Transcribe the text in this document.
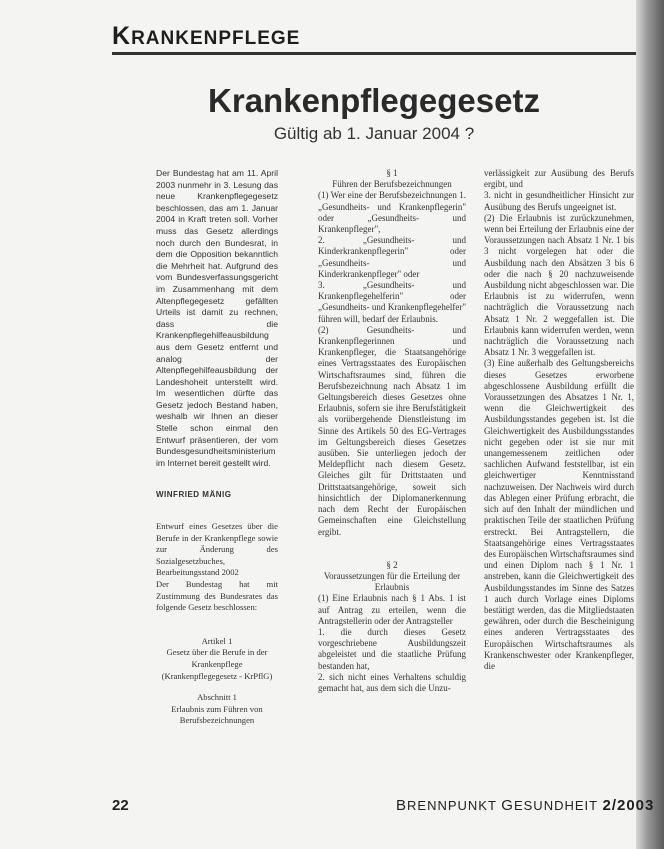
KRANKENPFLEGE
Krankenpflegegesetz
Gültig ab 1. Januar 2004 ?

Der Bundestag hat am 11. April 2003 nunmehr in 3. Lesung das neue Krankenpflegegesetz beschlossen, das am 1. Januar 2004 in Kraft treten soll. Vorher muss das Gesetz allerdings noch durch den Bundesrat, in dem die Opposition bekanntlich die Mehrheit hat. Aufgrund des vom Bundesverfassungsgericht im Zusammenhang mit dem Altenpflegegesetz gefällten Urteils ist damit zu rechnen, dass die Krankenpflegehilfeausbildung aus dem Gesetz entfernt und analog der Altenpflegehilfeausbildung der Landeshoheit unterstellt wird. Im wesentlichen dürfte das Gesetz jedoch Bestand haben, weshalb wir Ihnen an dieser Stelle schon einmal den Entwurf präsentieren, der vom Bundesgesundheitsministerium im Internet bereit gestellt wird.

WINFRIED MÄNIG

Entwurf eines Gesetzes über die Berufe in der Krankenpflege sowie zur Änderung des Sozialgesetzbuches, Bearbeitungsstand 2002

Der Bundestag hat mit Zustimmung des Bundesrates das folgende Gesetz beschlossen:

Artikel 1

Gesetz über die Berufe in der Krankenpflege (Krankenpflegegesetz - KrPflG)

Abschnitt 1

Erlaubnis zum Führen von Berufsbezeichnungen

§ 1

Führen der Berufsbezeichnungen

(1) Wer eine der Berufsbezeichnungen 1. „Gesundheits- und Krankenpflegerin" oder „Gesundheits- und Krankenpfleger",

2. „Gesundheits- und Kinderkrankenpflegerin" oder „Gesundheits- und Kinderkrankenpfleger" oder

3. „Gesundheits- und Krankenpflegehelferin" oder „Gesundheits- und Krankenpflegehelfer" führen will, bedarf der Erlaubnis.

(2) Gesundheits- und Krankenpflegerinnen und Krankenpfleger, die Staatsangehörige eines Vertragsstaates des Europäischen Wirtschaftsraumes sind, führen die Berufsbezeichnung nach Absatz 1 im Geltungsbereich dieses Gesetzes ohne Erlaubnis, sofern sie ihre Berufstätigkeit als vorübergehende Dienstleistung im Sinne des Artikels 50 des EG-Vertrages im Geltungsbereich dieses Gesetzes ausüben. Sie unterliegen jedoch der Meldepflicht nach diesem Gesetz. Gleiches gilt für Drittstaaten und Drittstaatsangehörige, soweit sich hinsichtlich der Diplomanerkennung nach dem Recht der Europäischen Gemeinschaften eine Gleichstellung ergibt.

§ 2

Voraussetzungen für die Erteilung der Erlaubnis

(1) Eine Erlaubnis nach § 1 Abs. 1 ist auf Antrag zu erteilen, wenn die Antragstellerin oder der Antragsteller

1. die durch dieses Gesetz vorgeschriebene Ausbildungszeit abgeleistet und die staatliche Prüfung bestanden hat,

2. sich nicht eines Verhaltens schuldig gemacht hat, aus dem sich die Unzu-

verlässigkeit zur Ausübung des Berufs ergibt, und

3. nicht in gesundheitlicher Hinsicht zur Ausübung des Berufs ungeeignet ist.

(2) Die Erlaubnis ist zurückzunehmen, wenn bei Erteilung der Erlaubnis eine der Voraussetzungen nach Absatz 1 Nr. 1 bis 3 nicht vorgelegen hat oder die Ausbildung nach den Absätzen 3 bis 6 oder die nach § 20 nachzuweisende Ausbildung nicht abgeschlossen war. Die Erlaubnis ist zu widerrufen, wenn nachträglich die Voraussetzung nach Absatz 1 Nr. 2 weggefallen ist. Die Erlaubnis kann widerrufen werden, wenn nachträglich die Voraussetzung nach Absatz 1 Nr. 3 weggefallen ist.

(3) Eine außerhalb des Geltungsbereichs dieses Gesetzes erworbene abgeschlossene Ausbildung erfüllt die Voraussetzungen des Absatzes 1 Nr. 1, wenn die Gleichwertigkeit des Ausbildungsstandes gegeben ist. Ist die Gleichwertigkeit des Ausbildungsstandes nicht gegeben oder ist sie nur mit unangemessenem zeitlichen oder sachlichen Aufwand feststellbar, ist ein gleichwertiger Kenntnisstand nachzuweisen. Der Nachweis wird durch das Ablegen einer Prüfung erbracht, die sich auf den Inhalt der mündlichen und praktischen Teile der staatlichen Prüfung erstreckt. Bei Antragstellern, die Staatsangehörige eines Vertragsstaates des Europäischen Wirtschaftsraumes sind und einen Diplom nach § 1 Nr. 1 anstreben, kann die Gleichwertigkeit des Ausbildungsstandes im Sinne des Satzes 1 auch durch Vorlage eines Diploms bestätigt werden, das die Mitgliedstaaten gewähren, oder durch die Bescheinigung eines anderen Vertragsstaates des Europäischen Wirtschaftsraumes als Krankenschwester oder Krankenpfleger, die

22	BRENNPUNKT GESUNDHEIT 2/2003
